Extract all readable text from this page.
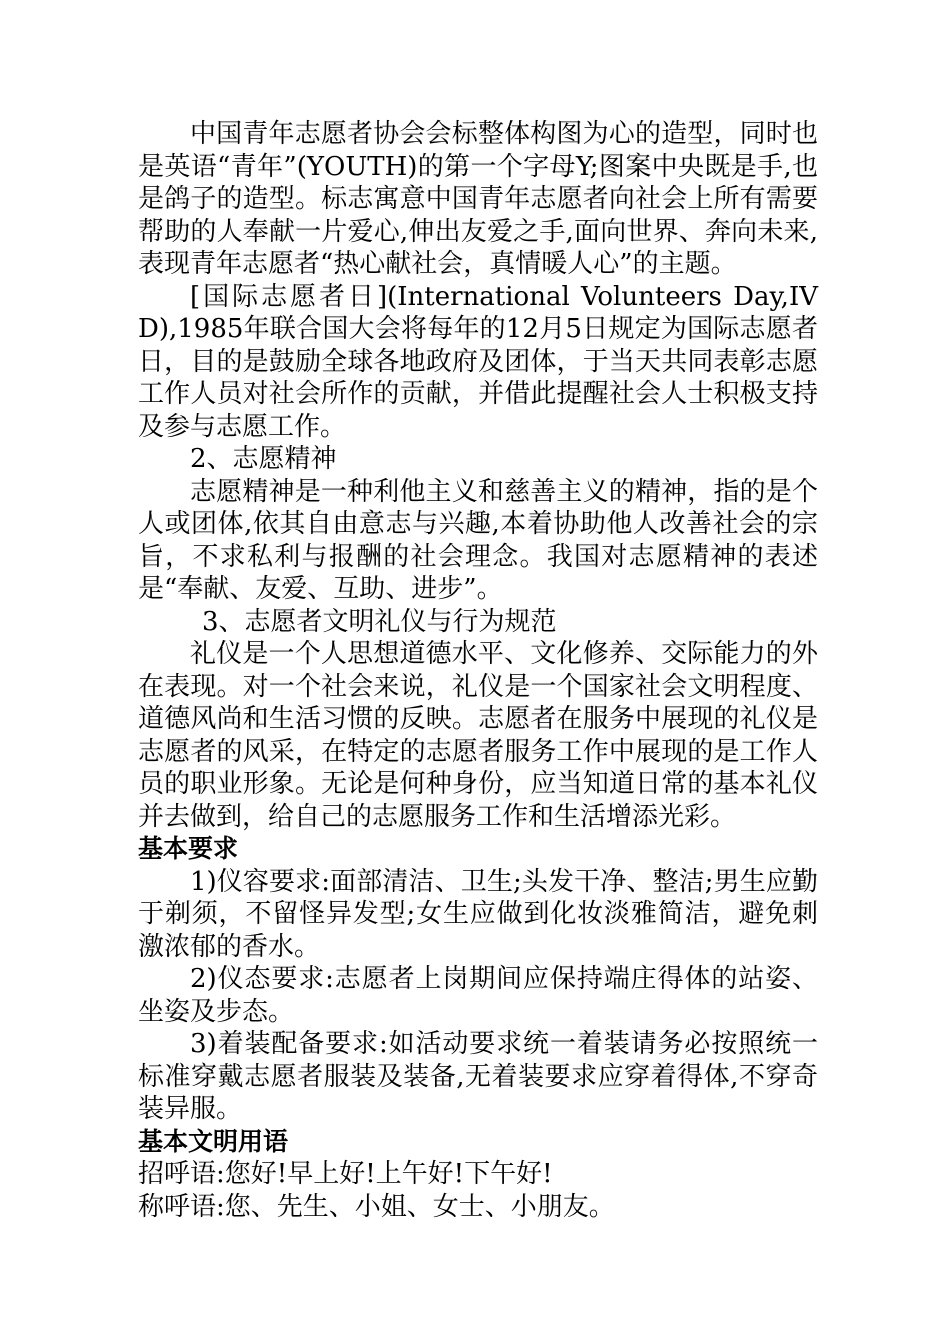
中国青年志愿者协会会标整体构图为心的造型，同时也是英语“青年”(YOUTH)的第一个字母Y;图案中央既是手,也是鸽子的造型。标志寓意中国青年志愿者向社会上所有需要帮助的人奉献一片爱心,伸出友爱之手,面向世界、奔向未来,表现青年志愿者“热心献社会，真情暖人心”的主题。

[国际志愿者日](International Volunteers Day,IVD),1985年联合国大会将每年的12月5日规定为国际志愿者日，目的是鼓励全球各地政府及团体，于当天共同表彰志愿工作人员对社会所作的贡献，并借此提醒社会人士积极支持及参与志愿工作。

2、志愿精神

志愿精神是一种利他主义和慈善主义的精神，指的是个人或团体,依其自由意志与兴趣,本着协助他人改善社会的宗旨，不求私利与报酬的社会理念。我国对志愿精神的表述是“奉献、友爱、互助、进步”。

3、志愿者文明礼仪与行为规范

礼仪是一个人思想道德水平、文化修养、交际能力的外在表现。对一个社会来说，礼仪是一个国家社会文明程度、道德风尚和生活习惯的反映。志愿者在服务中展现的礼仪是志愿者的风采，在特定的志愿者服务工作中展现的是工作人员的职业形象。无论是何种身份，应当知道日常的基本礼仪并去做到，给自己的志愿服务工作和生活增添光彩。

基本要求

1)仪容要求:面部清洁、卫生;头发干净、整洁;男生应勤于剃须，不留怪异发型;女生应做到化妆淡雅简洁，避免刺激浓郁的香水。

2)仪态要求:志愿者上岗期间应保持端庄得体的站姿、坐姿及步态。

3)着装配备要求:如活动要求统一着装请务必按照统一标准穿戴志愿者服装及装备,无着装要求应穿着得体,不穿奇装异服。

基本文明用语

招呼语:您好!早上好!上午好!下午好!

称呼语:您、先生、小姐、女士、小朋友。
